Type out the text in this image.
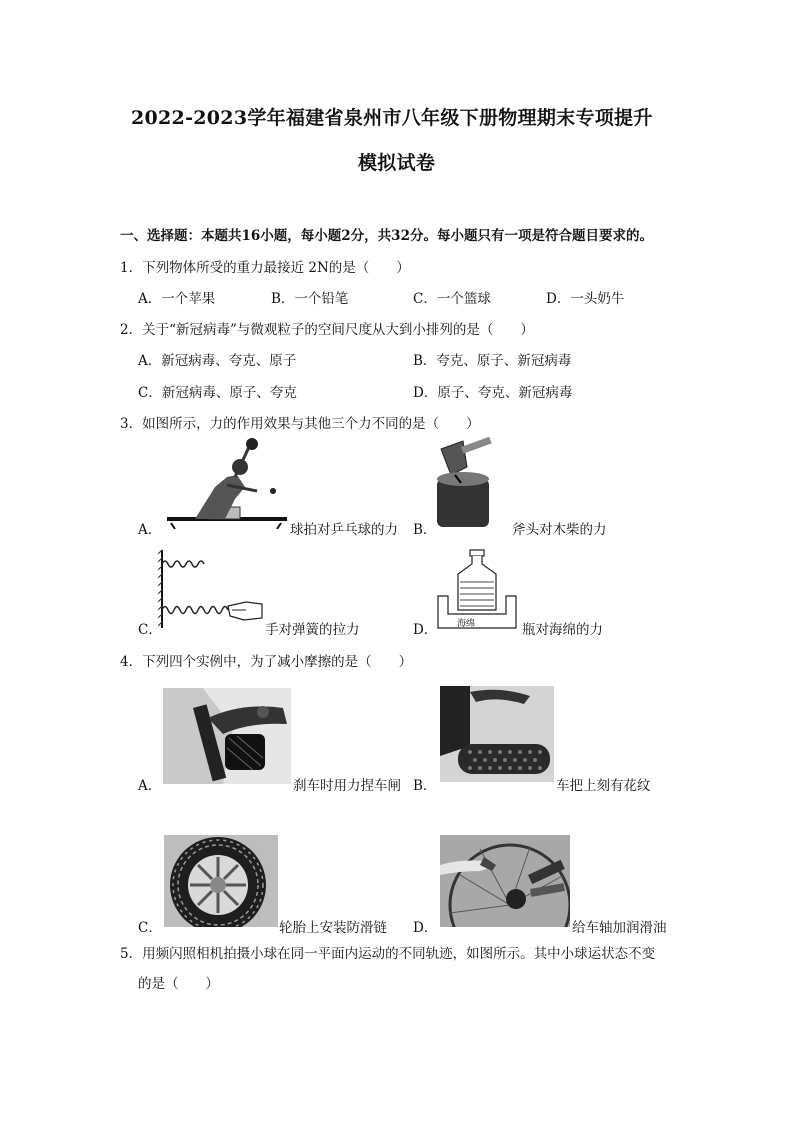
2022-2023学年福建省泉州市八年级下册物理期末专项提升
模拟试卷
一、选择题：本题共16小题，每小题2分，共32分。每小题只有一项是符合题目要求的。
1．下列物体所受的重力最接近 2N的是（　　）
A．一个苹果	B．一个铅笔	C．一个篮球	D．一头奶牛
2．关于“新冠病毒”与微观粒子的空间尺度从大到小排列的是（　　）
A．新冠病毒、夸克、原子	B．夸克、原子、新冠病毒
C．新冠病毒、原子、夸克	D．原子、夸克、新冠病毒
3．如图所示，力的作用效果与其他三个力不同的是（　　）
A．	球拍对乒乓球的力 B．	斧头对木柴的力
C．	手对弹簧的拉力	海绵
D．	瓶对海绵的力
4．下列四个实例中，为了减小摩擦的是（　　）
A．	刹车时用力捏车闸 B．	车把上刻有花纹
C．	轮胎上安装防滑链 D．	给车轴加润滑油
5．用频闪照相机拍摄小球在同一平面内运动的不同轨迹，如图所示。其中小球运状态不变
的是（　　）
